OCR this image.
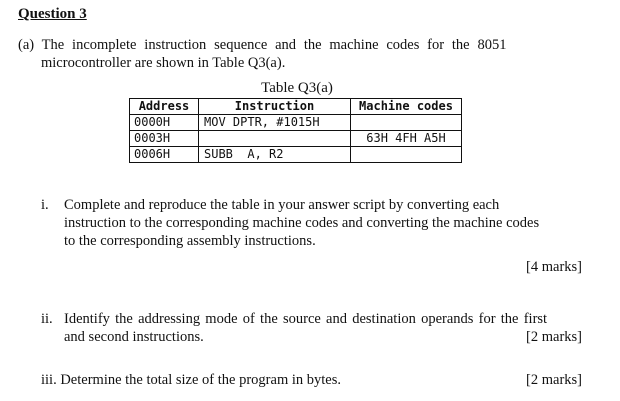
Question 3
(a) The incomplete instruction sequence and the machine codes for the 8051
microcontroller are shown in Table Q3(a).
Table Q3(a)
Address	Instruction	Machine codes
0000H	MOV DPTR, #1015H	
0003H		63H 4FH A5H
0006H	SUBB  A, R2	
i. Complete and reproduce the table in your answer script by converting each
instruction to the corresponding machine codes and converting the machine codes
to the corresponding assembly instructions.
[4 marks]
ii. Identify the addressing mode of the source and destination operands for the first
and second instructions.	[2 marks]
iii. Determine the total size of the program in bytes.	[2 marks]
